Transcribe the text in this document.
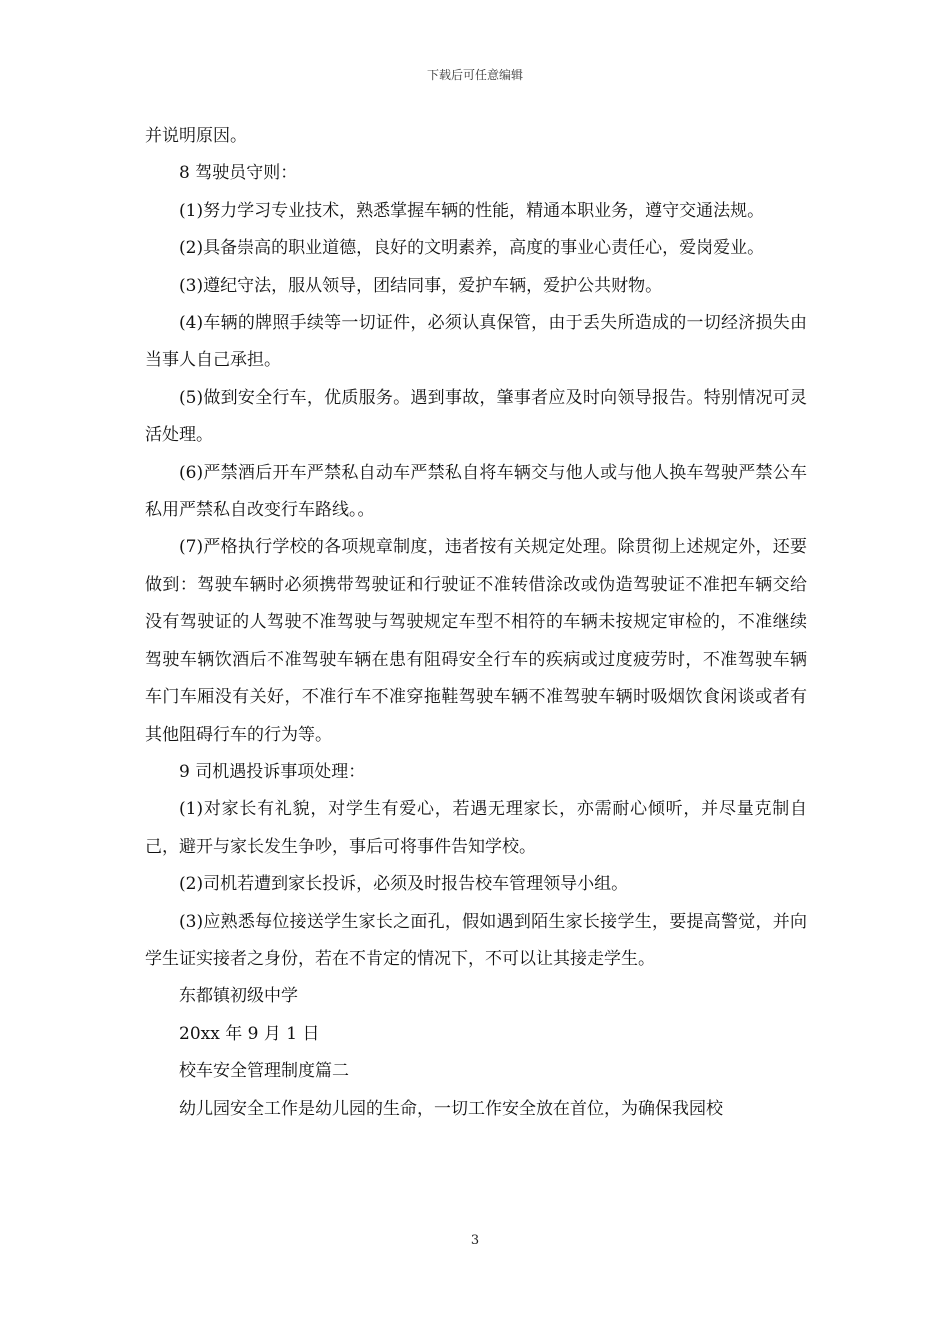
下载后可任意编辑

并说明原因。

8 驾驶员守则：

(1)努力学习专业技术，熟悉掌握车辆的性能，精通本职业务，遵守交通法规。

(2)具备崇高的职业道德，良好的文明素养，高度的事业心责任心，爱岗爱业。

(3)遵纪守法，服从领导，团结同事，爱护车辆，爱护公共财物。

(4)车辆的牌照手续等一切证件，必须认真保管，由于丢失所造成的一切经济损失由当事人自己承担。

(5)做到安全行车，优质服务。遇到事故，肇事者应及时向领导报告。特别情况可灵活处理。

(6)严禁酒后开车严禁私自动车严禁私自将车辆交与他人或与他人换车驾驶严禁公车私用严禁私自改变行车路线。。

(7)严格执行学校的各项规章制度，违者按有关规定处理。除贯彻上述规定外，还要做到：驾驶车辆时必须携带驾驶证和行驶证不准转借涂改或伪造驾驶证不准把车辆交给没有驾驶证的人驾驶不准驾驶与驾驶规定车型不相符的车辆未按规定审检的，不准继续驾驶车辆饮酒后不准驾驶车辆在患有阻碍安全行车的疾病或过度疲劳时，不准驾驶车辆车门车厢没有关好，不准行车不准穿拖鞋驾驶车辆不准驾驶车辆时吸烟饮食闲谈或者有其他阻碍行车的行为等。

9 司机遇投诉事项处理：

(1)对家长有礼貌，对学生有爱心，若遇无理家长，亦需耐心倾听，并尽量克制自己，避开与家长发生争吵，事后可将事件告知学校。

(2)司机若遭到家长投诉，必须及时报告校车管理领导小组。

(3)应熟悉每位接送学生家长之面孔，假如遇到陌生家长接学生，要提高警觉，并向学生证实接者之身份，若在不肯定的情况下，不可以让其接走学生。

东都镇初级中学

20xx 年 9 月 1 日

校车安全管理制度篇二

幼儿园安全工作是幼儿园的生命，一切工作安全放在首位，为确保我园校

3
